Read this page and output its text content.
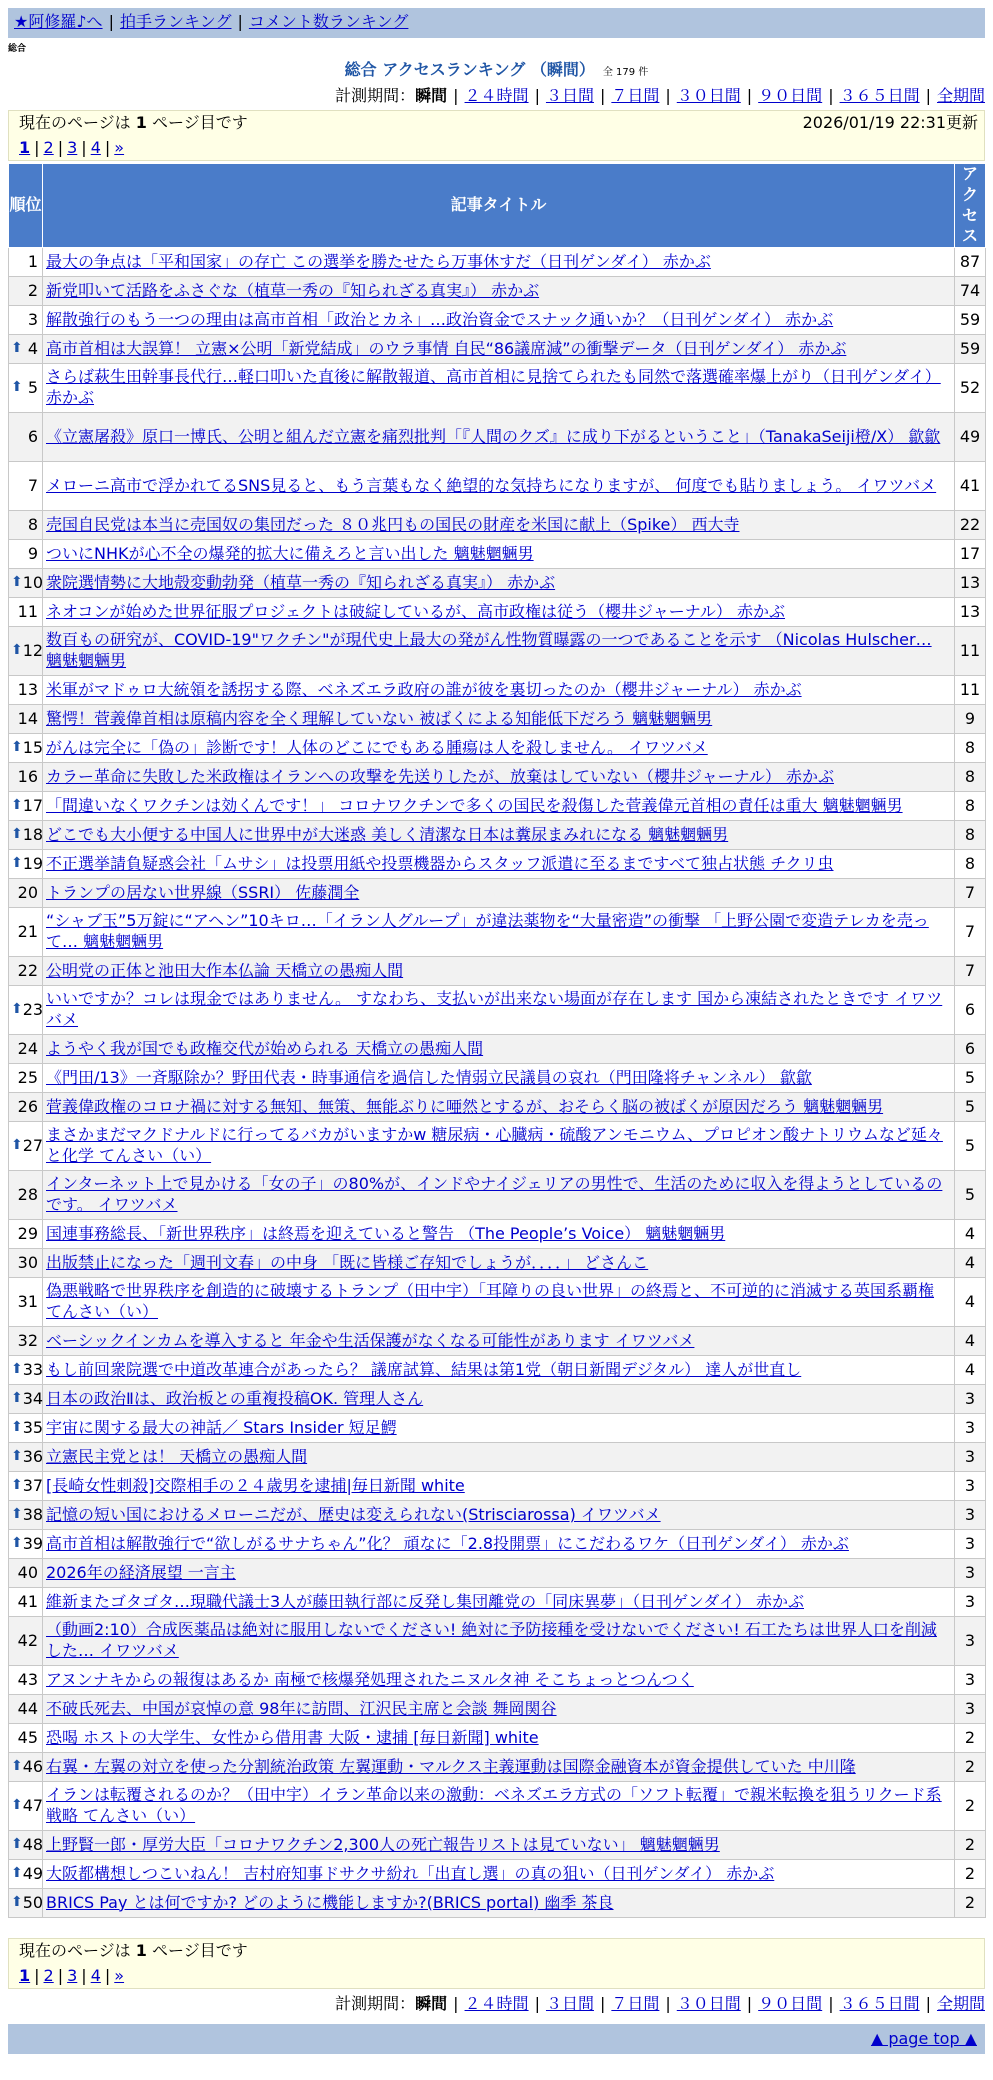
★阿修羅♪へ | 拍手ランキング | コメント数ランキング
総合
総合 アクセスランキング （瞬間） 全 179 件
計測期間：瞬間 | ２４時間 | ３日間 | ７日間 | ３０日間 | ９０日間 | ３６５日間 | 全期間
現在のページは 1 ページ目です	2026/01/19 22:31更新
1 | 2 | 3 | 4 | »
順位	記事タイトル	アクセス
1	最大の争点は「平和国家」の存亡 この選挙を勝たせたら万事休すだ（日刊ゲンダイ） 赤かぶ	87
2	新党叩いて活路をふさぐな（植草一秀の『知られざる真実』） 赤かぶ	74
3	解散強行のもう一つの理由は高市首相「政治とカネ」…政治資金でスナック通いか？（日刊ゲンダイ） 赤かぶ	59

⬆ 4	高市首相は大誤算！ 立憲×公明「新党結成」のウラ事情 自民“86議席減”の衝撃データ（日刊ゲンダイ） 赤かぶ	59

⬆ 5	さらば萩生田幹事長代行…軽口叩いた直後に解散報道、高市首相に見捨てられたも同然で落選確率爆上がり（日刊ゲンダイ） 赤かぶ	52
6	《立憲屠殺》原口一博氏、公明と組んだ立憲を痛烈批判「『人間のクズ』に成り下がるということ」（TanakaSeiji橙/X） 歙歙	49
7	メローニ高市で浮かれてるSNS見ると、もう言葉もなく絶望的な気持ちになりますが、 何度でも貼りましょう。 イワツバメ	41
8	売国自民党は本当に売国奴の集団だった ８０兆円もの国民の財産を米国に献上（Spike） 西大寺	22
9	ついにNHKが心不全の爆発的拡大に備えろと言い出した 魑魅魍魎男	17

⬆ 10	衆院選情勢に大地殻変動勃発（植草一秀の『知られざる真実』） 赤かぶ	13
11	ネオコンが始めた世界征服プロジェクトは破綻しているが、高市政権は従う（櫻井ジャーナル） 赤かぶ	13

⬆ 12	数百もの研究が、COVID-19"ワクチン"が現代史上最大の発がん性物質曝露の一つであることを示す （Nicolas Hulscher… 魑魅魍魎男	11
13	米軍がマドゥロ大統領を誘拐する際、ベネズエラ政府の誰が彼を裏切ったのか（櫻井ジャーナル） 赤かぶ	11
14	驚愕！菅義偉首相は原稿内容を全く理解していない 被ばくによる知能低下だろう 魑魅魍魎男	9

⬆ 15	がんは完全に「偽の」診断です！人体のどこにでもある腫瘍は人を殺しません。 イワツバメ	8
16	カラー革命に失敗した米政権はイランへの攻撃を先送りしたが、放棄はしていない（櫻井ジャーナル） 赤かぶ	8

⬆ 17	「間違いなくワクチンは効くんです！」 コロナワクチンで多くの国民を殺傷した菅義偉元首相の責任は重大 魑魅魍魎男	8

⬆ 18	どこでも大小便する中国人に世界中が大迷惑 美しく清潔な日本は糞尿まみれになる 魑魅魍魎男	8

⬆ 19	不正選挙請負疑惑会社「ムサシ」は投票用紙や投票機器からスタッフ派遣に至るまですべて独占状態 チクリ虫	8
20	トランプの居ない世界線（SSRI） 佐藤潤全	7
21	“シャブ玉”5万錠に“アヘン”10キロ…「イラン人グループ」が違法薬物を“大量密造”の衝撃 「上野公園で変造テレカを売って… 魑魅魍魎男	7
22	公明党の正体と池田大作本仏論 天橋立の愚痴人間	7

⬆ 23	いいですか？コレは現金ではありません。 すなわち、支払いが出来ない場面が存在します 国から凍結されたときです イワツバメ	6
24	ようやく我が国でも政権交代が始められる 天橋立の愚痴人間	6
25	《門田/13》一斉駆除か？野田代表・時事通信を過信した情弱立民議員の哀れ（門田隆将チャンネル） 歙歙	5
26	菅義偉政権のコロナ禍に対する無知、無策、無能ぶりに唖然とするが、おそらく脳の被ばくが原因だろう 魑魅魍魎男	5

⬆ 27	まさかまだマクドナルドに行ってるバカがいますかw 糖尿病・心臓病・硫酸アンモニウム、プロピオン酸ナトリウムなど延々と化学 てんさい（い）	5
28	インターネット上で見かける「女の子」の80%が、インドやナイジェリアの男性で、生活のために収入を得ようとしているのです。 イワツバメ	5
29	国連事務総長、「新世界秩序」は終焉を迎えていると警告 （The People’s Voice） 魑魅魍魎男	4
30	出版禁止になった「週刊文春」の中身 「既に皆様ご存知でしょうが．．．．」 どさんこ	4
31	偽悪戦略で世界秩序を創造的に破壊するトランプ（田中宇）「耳障りの良い世界」の終焉と、不可逆的に消滅する英国系覇権 てんさい（い）	4
32	ベーシックインカムを導入すると 年金や生活保護がなくなる可能性があります イワツバメ	4

⬆ 33	もし前回衆院選で中道改革連合があったら？ 議席試算、結果は第1党（朝日新聞デジタル） 達人が世直し	4

⬆ 34	日本の政治Ⅱは、政治板との重複投稿OK. 管理人さん	3

⬆ 35	宇宙に関する最大の神話／ Stars Insider 短足鰐	3

⬆ 36	立憲民主党とは！ 天橋立の愚痴人間	3

⬆ 37	[長崎女性刺殺]交際相手の２４歳男を逮捕|毎日新聞 white	3

⬆ 38	記憶の短い国におけるメローニだが、歴史は変えられない(Strisciarossa) イワツバメ	3

⬆ 39	高市首相は解散強行で“欲しがるサナちゃん”化？ 頑なに「2.8投開票」にこだわるワケ（日刊ゲンダイ） 赤かぶ	3
40	2026年の経済展望 一言主	3
41	維新またゴタゴタ…現職代議士3人が藤田執行部に反発し集団離党の「同床異夢」（日刊ゲンダイ） 赤かぶ	3
42	（動画2:10）合成医薬品は絶対に服用しないでください! 絶対に予防接種を受けないでください! 石工たちは世界人口を削減した… イワツバメ	3
43	アヌンナキからの報復はあるか 南極で核爆発処理されたニヌルタ神 そこちょっとつんつく	3
44	不破氏死去、中国が哀悼の意 98年に訪問、江沢民主席と会談 舞岡関谷	3
45	恐喝 ホストの大学生、女性から借用書 大阪・逮捕 [毎日新聞] white	2

⬆ 46	右翼・左翼の対立を使った分割統治政策 左翼運動・マルクス主義運動は国際金融資本が資金提供していた 中川隆	2

⬆ 47	イランは転覆されるのか？（田中宇）イラン革命以来の激動：ベネズエラ方式の「ソフト転覆」で親米転換を狙うリクード系戦略 てんさい（い）	2

⬆ 48	上野賢一郎・厚労大臣「コロナワクチン2,300人の死亡報告リストは見ていない」 魑魅魍魎男	2

⬆ 49	大阪都構想しつこいねん！ 吉村府知事ドサクサ紛れ「出直し選」の真の狙い（日刊ゲンダイ） 赤かぶ	2

⬆ 50	BRICS Pay とは何ですか? どのように機能しますか?(BRICS portal) 幽季 茶良	2
現在のページは 1 ページ目です
1 | 2 | 3 | 4 | »
計測期間：瞬間 | ２４時間 | ３日間 | ７日間 | ３０日間 | ９０日間 | ３６５日間 | 全期間
▲ page top ▲
